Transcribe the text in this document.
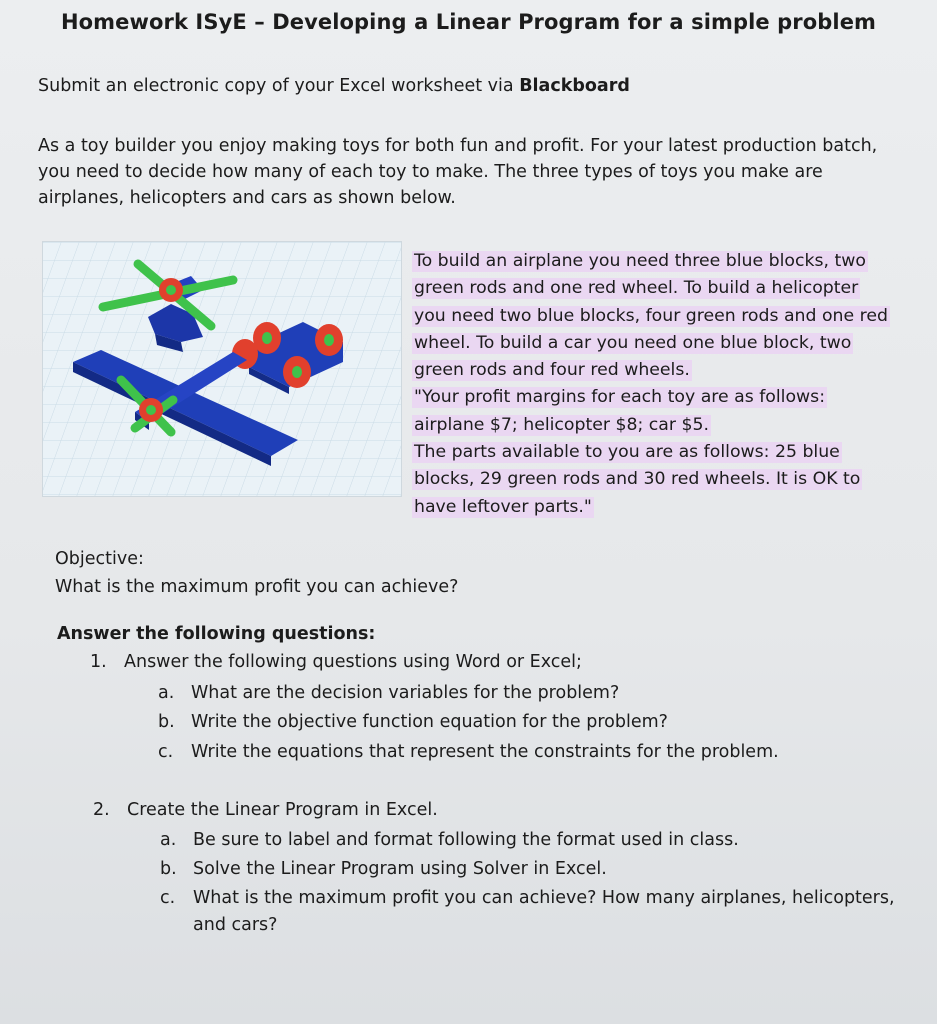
Homework ISyE – Developing a Linear Program for a simple problem
Submit an electronic copy of your Excel worksheet via Blackboard
As a toy builder you enjoy making toys for both fun and profit. For your latest production batch,
you need to decide how many of each toy to make. The three types of toys you make are
airplanes, helicopters and cars as shown below.
To build an airplane you need three blue blocks, two
green rods and one red wheel. To build a helicopter
you need two blue blocks, four green rods and one red
wheel. To build a car you need one blue block, two
green rods and four red wheels.
"Your profit margins for each toy are as follows:
airplane $7; helicopter $8; car $5.
The parts available to you are as follows: 25 blue
blocks, 29 green rods and 30 red wheels. It is OK to
have leftover parts."
Objective:
What is the maximum profit you can achieve?
Answer the following questions:
1. Answer the following questions using Word or Excel;
a. What are the decision variables for the problem?
b. Write the objective function equation for the problem?
c. Write the equations that represent the constraints for the problem.
2. Create the Linear Program in Excel.
a. Be sure to label and format following the format used in class.
b. Solve the Linear Program using Solver in Excel.
c. What is the maximum profit you can achieve? How many airplanes, helicopters,
and cars?
